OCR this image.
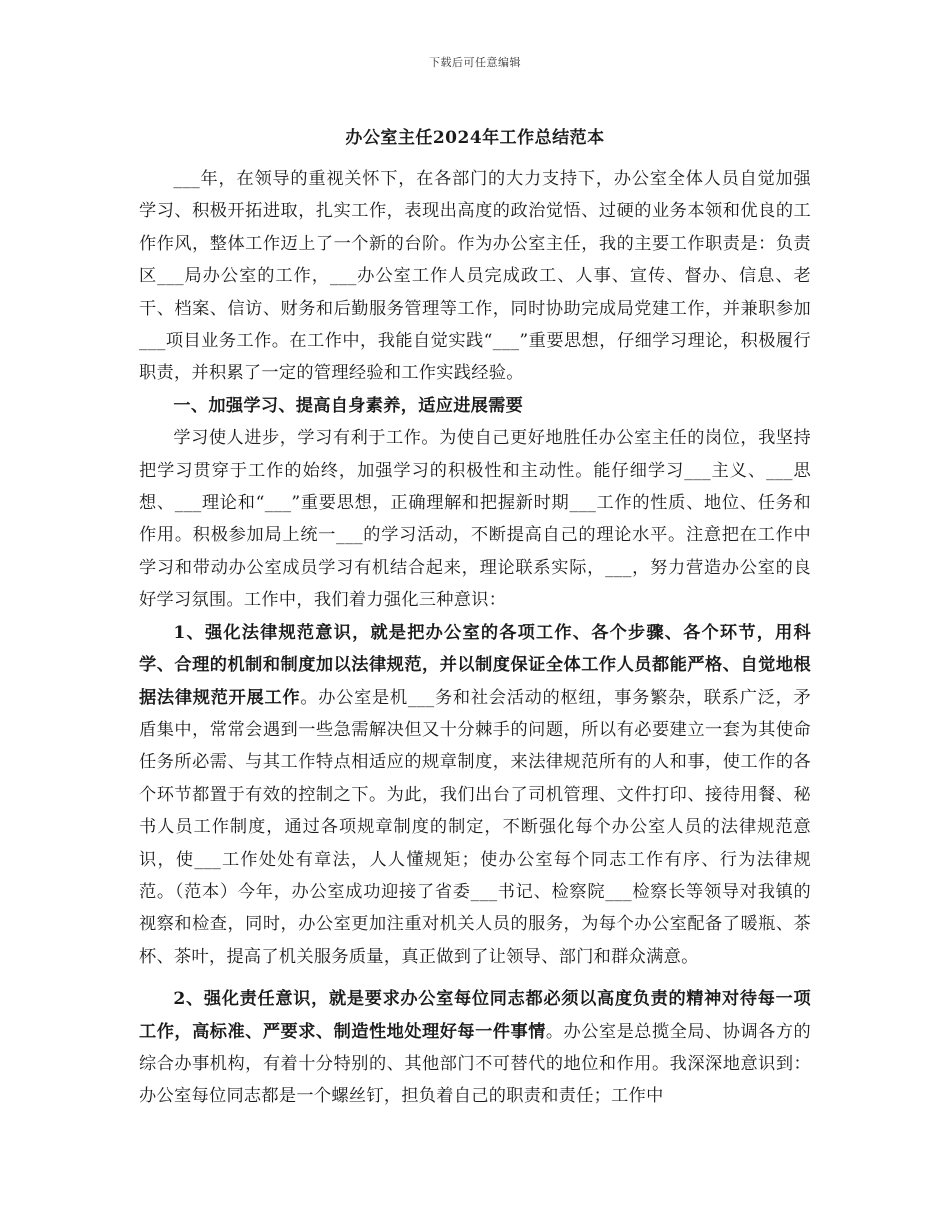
下载后可任意编辑
办公室主任2024年工作总结范本

___年，在领导的重视关怀下，在各部门的大力支持下，办公室全体人员自觉加强学习、积极开拓进取，扎实工作，表现出高度的政治觉悟、过硬的业务本领和优良的工作作风，整体工作迈上了一个新的台阶。作为办公室主任，我的主要工作职责是：负责区___局办公室的工作，___办公室工作人员完成政工、人事、宣传、督办、信息、老干、档案、信访、财务和后勤服务管理等工作，同时协助完成局党建工作，并兼职参加___项目业务工作。在工作中，我能自觉实践“___”重要思想，仔细学习理论，积极履行职责，并积累了一定的管理经验和工作实践经验。

一、加强学习、提高自身素养，适应进展需要

学习使人进步，学习有利于工作。为使自己更好地胜任办公室主任的岗位，我坚持把学习贯穿于工作的始终，加强学习的积极性和主动性。能仔细学习___主义、___思想、___理论和“___”重要思想，正确理解和把握新时期___工作的性质、地位、任务和作用。积极参加局上统一___的学习活动，不断提高自己的理论水平。注意把在工作中学习和带动办公室成员学习有机结合起来，理论联系实际，___，努力营造办公室的良好学习氛围。工作中，我们着力强化三种意识：

1、强化法律规范意识，就是把办公室的各项工作、各个步骤、各个环节，用科学、合理的机制和制度加以法律规范，并以制度保证全体工作人员都能严格、自觉地根据法律规范开展工作。办公室是机___务和社会活动的枢纽，事务繁杂，联系广泛，矛盾集中，常常会遇到一些急需解决但又十分棘手的问题，所以有必要建立一套为其使命任务所必需、与其工作特点相适应的规章制度，来法律规范所有的人和事，使工作的各个环节都置于有效的控制之下。为此，我们出台了司机管理、文件打印、接待用餐、秘书人员工作制度，通过各项规章制度的制定，不断强化每个办公室人员的法律规范意识，使___工作处处有章法，人人懂规矩；使办公室每个同志工作有序、行为法律规范。（范本）今年，办公室成功迎接了省委___书记、检察院___检察长等领导对我镇的视察和检查，同时，办公室更加注重对机关人员的服务，为每个办公室配备了暖瓶、茶杯、茶叶，提高了机关服务质量，真正做到了让领导、部门和群众满意。

2、强化责任意识，就是要求办公室每位同志都必须以高度负责的精神对待每一项工作，高标准、严要求、制造性地处理好每一件事情。办公室是总揽全局、协调各方的综合办事机构，有着十分特别的、其他部门不可替代的地位和作用。我深深地意识到：办公室每位同志都是一个螺丝钉，担负着自己的职责和责任；工作中
